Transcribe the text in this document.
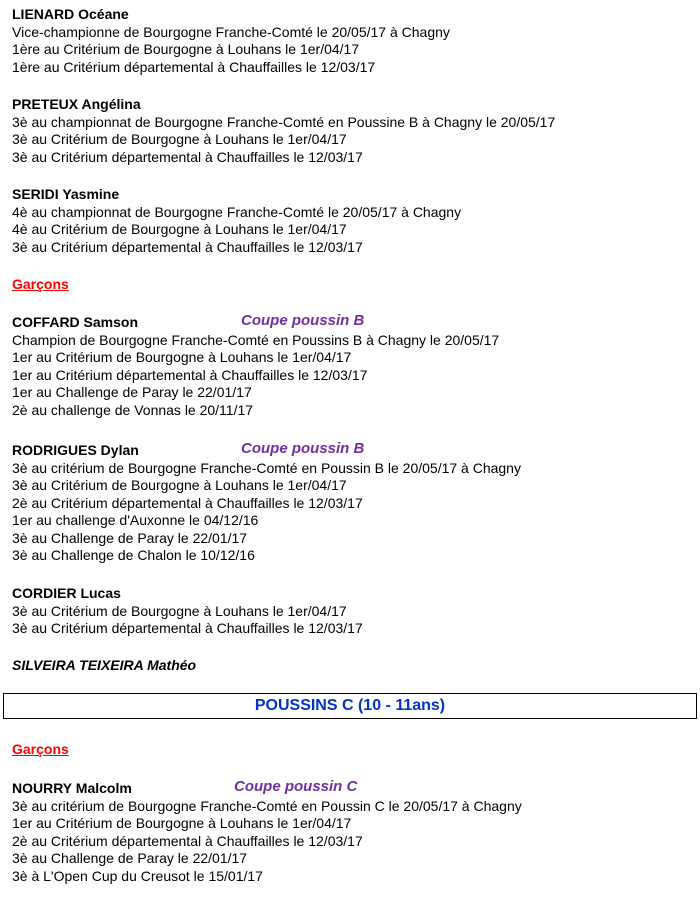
LIENARD Océane
Vice-championne de Bourgogne Franche-Comté le 20/05/17 à Chagny
1ère au Critérium de Bourgogne à Louhans le 1er/04/17
1ère au Critérium départemental à Chauffailles le 12/03/17
PRETEUX Angélina
3è au championnat de Bourgogne Franche-Comté en Poussine B à Chagny le 20/05/17
3è au Critérium de Bourgogne à Louhans le 1er/04/17
3è au Critérium départemental à Chauffailles le 12/03/17
SERIDI Yasmine
4è au championnat de Bourgogne Franche-Comté le 20/05/17 à Chagny
4è au Critérium de Bourgogne à Louhans le 1er/04/17
3è au Critérium départemental à Chauffailles le 12/03/17
Garçons
COFFARD Samson	Coupe poussin B
Champion de Bourgogne Franche-Comté en Poussins B à Chagny le 20/05/17
1er au Critérium de Bourgogne à Louhans le 1er/04/17
1er au Critérium départemental à Chauffailles le 12/03/17
1er au Challenge de Paray le 22/01/17
2è au challenge de Vonnas le 20/11/17
RODRIGUES Dylan	Coupe poussin B
3è au critérium de Bourgogne Franche-Comté en Poussin B le 20/05/17 à Chagny
3è au Critérium de Bourgogne à Louhans le 1er/04/17
2è au Critérium départemental à Chauffailles le 12/03/17
1er au challenge d'Auxonne le 04/12/16
3è au Challenge de Paray le 22/01/17
3è au Challenge de Chalon le 10/12/16
CORDIER Lucas
3è au Critérium de Bourgogne à Louhans le 1er/04/17
3è au Critérium départemental à Chauffailles le 12/03/17
SILVEIRA TEIXEIRA Mathéo
POUSSINS C (10 - 11ans)
Garçons
NOURRY Malcolm	Coupe poussin C
3è au critérium de Bourgogne Franche-Comté en Poussin C le 20/05/17 à Chagny
1er au Critérium de Bourgogne à Louhans le 1er/04/17
2è au Critérium départemental à Chauffailles le 12/03/17
3è au Challenge de Paray le 22/01/17
3è à L'Open Cup du Creusot le 15/01/17
